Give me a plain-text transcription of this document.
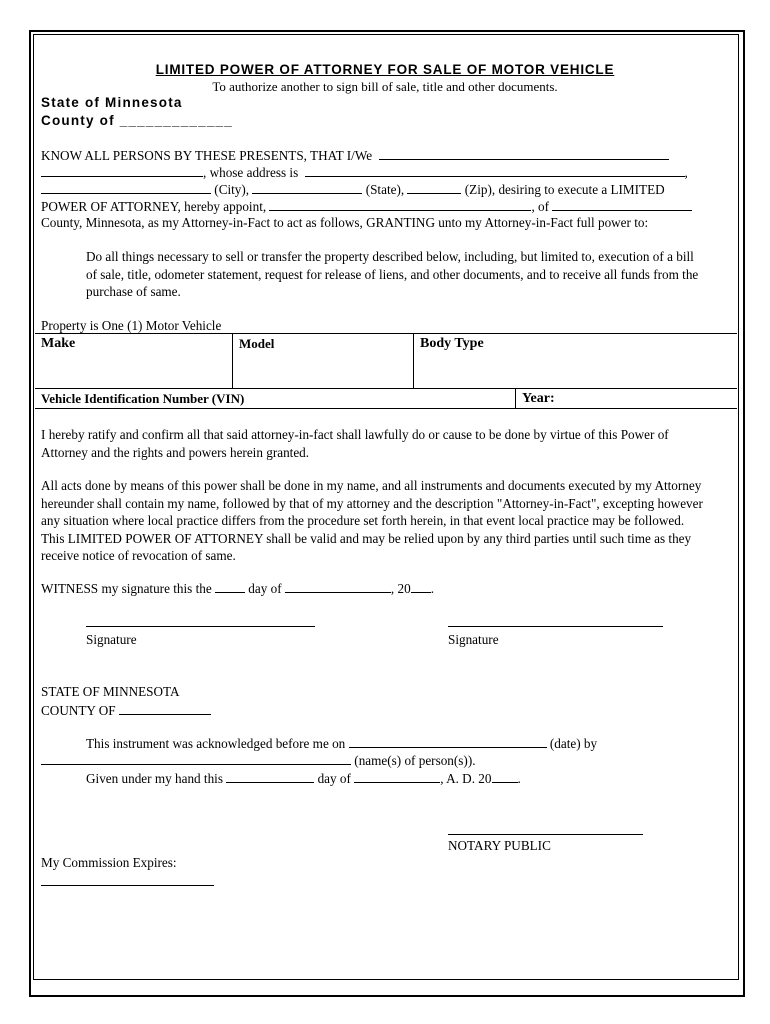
LIMITED POWER OF ATTORNEY FOR SALE OF MOTOR VEHICLE
To authorize another to sign bill of sale, title and other documents.
State of Minnesota
County of _____________
KNOW ALL PERSONS BY THESE PRESENTS, THAT I/We
, whose address is	,
(City),	(State),	(Zip), desiring to execute a LIMITED
POWER OF ATTORNEY, hereby appoint,	, of
County, Minnesota, as my Attorney-in-Fact to act as follows, GRANTING unto my Attorney-in-Fact full power to:
Do all things necessary to sell or transfer the property described below, including, but limited to, execution of a bill
of sale, title, odometer statement, request for release of liens, and other documents, and to receive all funds from the
purchase of same.
Property is One (1) Motor Vehicle
Make	Model	Body Type
Vehicle Identification Number (VIN)	Year:
I hereby ratify and confirm all that said attorney-in-fact shall lawfully do or cause to be done by virtue of this Power of
Attorney and the rights and powers herein granted.
All acts done by means of this power shall be done in my name, and all instruments and documents executed by my Attorney
hereunder shall contain my name, followed by that of my attorney and the description "Attorney-in-Fact", excepting however
any situation where local practice differs from the procedure set forth herein, in that event local practice may be followed.
This LIMITED POWER OF ATTORNEY shall be valid and may be relied upon by any third parties until such time as they
receive notice of revocation of same.
WITNESS my signature this the	day of	, 20 .
Signature	Signature
STATE OF MINNESOTA
COUNTY OF
This instrument was acknowledged before me on	(date) by
(name(s) of person(s)).
Given under my hand this	day of	, A. D. 20 .
NOTARY PUBLIC
My Commission Expires:
